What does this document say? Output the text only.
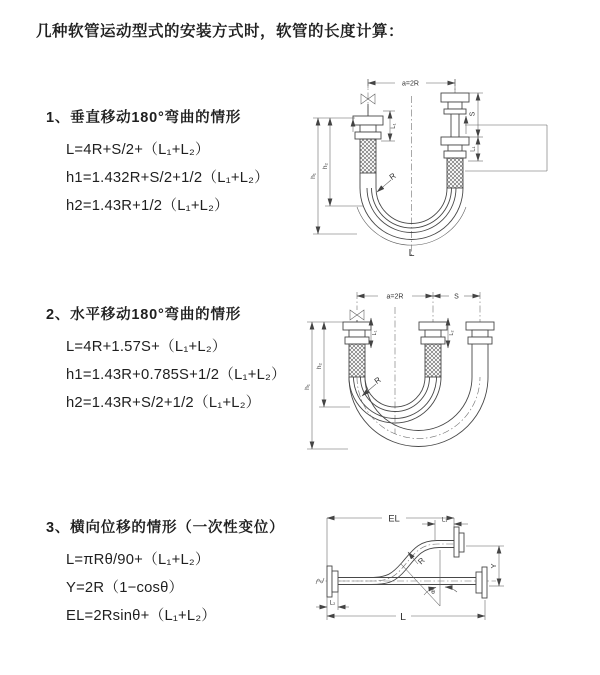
几种软管运动型式的安装方式时，软管的长度计算：
1、垂直移动180°弯曲的情形
L=4R+S/2+（L₁+L₂）
h1=1.432R+S/2+1/2（L₁+L₂）
h2=1.43R+1/2（L₁+L₂）
2、水平移动180°弯曲的情形
L=4R+1.57S+（L₁+L₂）
h1=1.43R+0.785S+1/2（L₁+L₂）
h2=1.43R+S/2+1/2（L₁+L₂）
3、横向位移的情形（一次性变位）
L=πRθ/90+（L₁+L₂）
Y=2R（1−cosθ）
EL=2Rsinθ+（L₁+L₂）
a=2R
h₁
h₂
L₁
S
L₁
R
L
a=2R	S
h₁
h₂
L₁	L₂
R
EL	L₁
Y
θ
R
L₂
L
